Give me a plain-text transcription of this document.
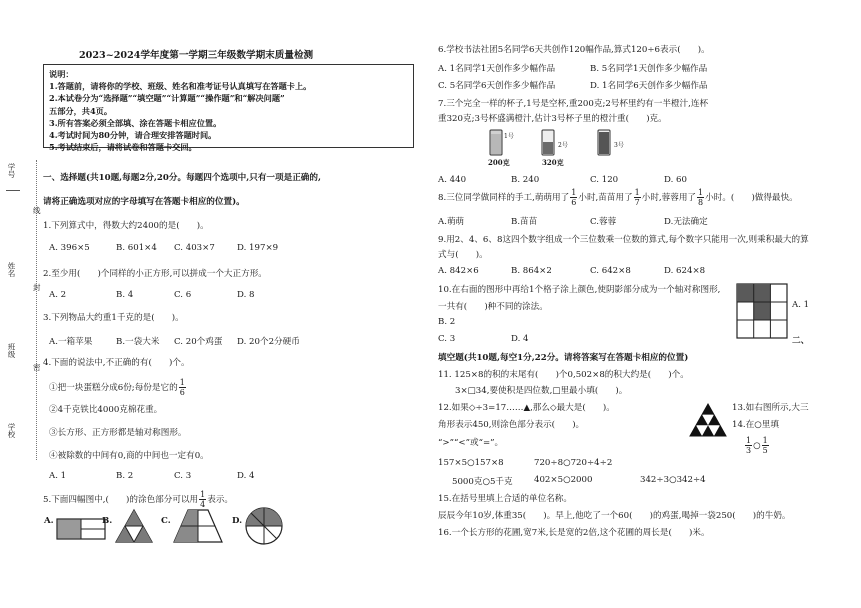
2023~2024学年度第一学期三年级数学期末质量检测
说明：
1.答题前，请将你的学校、班级、姓名和准考证号认真填写在答题卡上。
2.本试卷分为“选择题”“填空题”“计算题”“操作题”和“解决问题”
五部分，共4页。
3.所有答案必须全部填、涂在答题卡相应位置。
4.考试时间为80分钟，请合理安排答题时间。
5.考试结束后，请将试卷和答题卡交回。
学号
线
姓名
封
班级
密
学校
一、选择题(共10题,每题2分,20分。每题四个选项中,只有一项是正确的,
请将正确选项对应的字母填写在答题卡相应的位置)。
1.下列算式中，得数大约2400的是(　　)。
A. 396×5	B. 601×4 C. 403×7	D. 197×9
2.至少用(　　)个同样的小正方形,可以拼成一个大正方形。
A. 2	B. 4	C. 6	D. 8
3.下列物品大约重1千克的是(　　)。
A.一箱苹果	B.一袋大米 C. 20个鸡蛋 D. 20个2分硬币
4.下面的说法中,不正确的有(　　)个。
①把一块蛋糕分成6份;每份是它的 $\frac{1}{6}$
②4千克铁比4000克棉花重。
③长方形、正方形都是轴对称图形。
④被除数的中间有0,商的中间也一定有0。
A. 1	B. 2	C. 3	D. 4
5.下面四幅图中,(　　)的涂色部分可以用 $\frac{1}{4}$ 表示。
A.	B.	C.	D.
6.学校书法社团5名同学6天共创作120幅作品,算式120÷6表示(　　)。
A. 1名同学1天创作多少幅作品	B. 5名同学1天创作多少幅作品
C. 5名同学6天创作多少幅作品	D. 1名同学6天创作多少幅作品
7.三个完全一样的杯子,1号是空杯,重200克;2号杯里约有一半橙汁,连杯
重320克;3号杯盛满橙汁,估计3号杯子里的橙汁重(　　)克。
1号
2号	3号
200克	320克
A. 440	B. 240	C. 120	D. 60
8.三位同学做同样的手工,萌萌用了 $\frac{1}{6}$ 小时,苗苗用了 $\frac{1}{7}$ 小时,蓉蓉用了 $\frac{1}{8}$ 小时。(　　)做得最快。
A.萌萌	B.苗苗	C.蓉蓉	D.无法确定
9.用2、4、6、8这四个数字组成一个三位数乘一位数的算式,每个数字只能用一次,则乘积最大的算
式与(　　)。
A. 842×6	B. 864×2	C. 642×8	D. 624×8
10.在右面的图形中再给1个格子涂上颜色,使阴影部分成为一个轴对称图形,
一共有(　　)种不同的涂法。	A. 1
B. 2
C. 3	D. 4	二、
填空题(共10题,每空1分,22分。请将答案写在答题卡相应的位置)
11. 125×8的积的末尾有(　　)个0,502×8的积大约是(　　)个。
3×□34,要使积是四位数,□里最小填(　　)。
12.如果◇÷3=17……▲,那么◇最大是(　　)。	13.如右图所示,大三
角形表示450,则涂色部分表示(　　)。	14.在○里填
“>”“<”或“=”。	$\frac{1}{3}$ ○ $\frac{1}{5}$
157×5○157×8	720÷8○720÷4÷2
5000克○5千克 402×5○2000	342÷3○342÷4
15.在括号里填上合适的单位名称。
辰辰今年10岁,体重35(　　)。早上,他吃了一个60(　　)的鸡蛋,喝掉一袋250(　　)的牛奶。
16.一个长方形的花圃,宽7米,长是宽的2倍,这个花圃的周长是(　　)米。
